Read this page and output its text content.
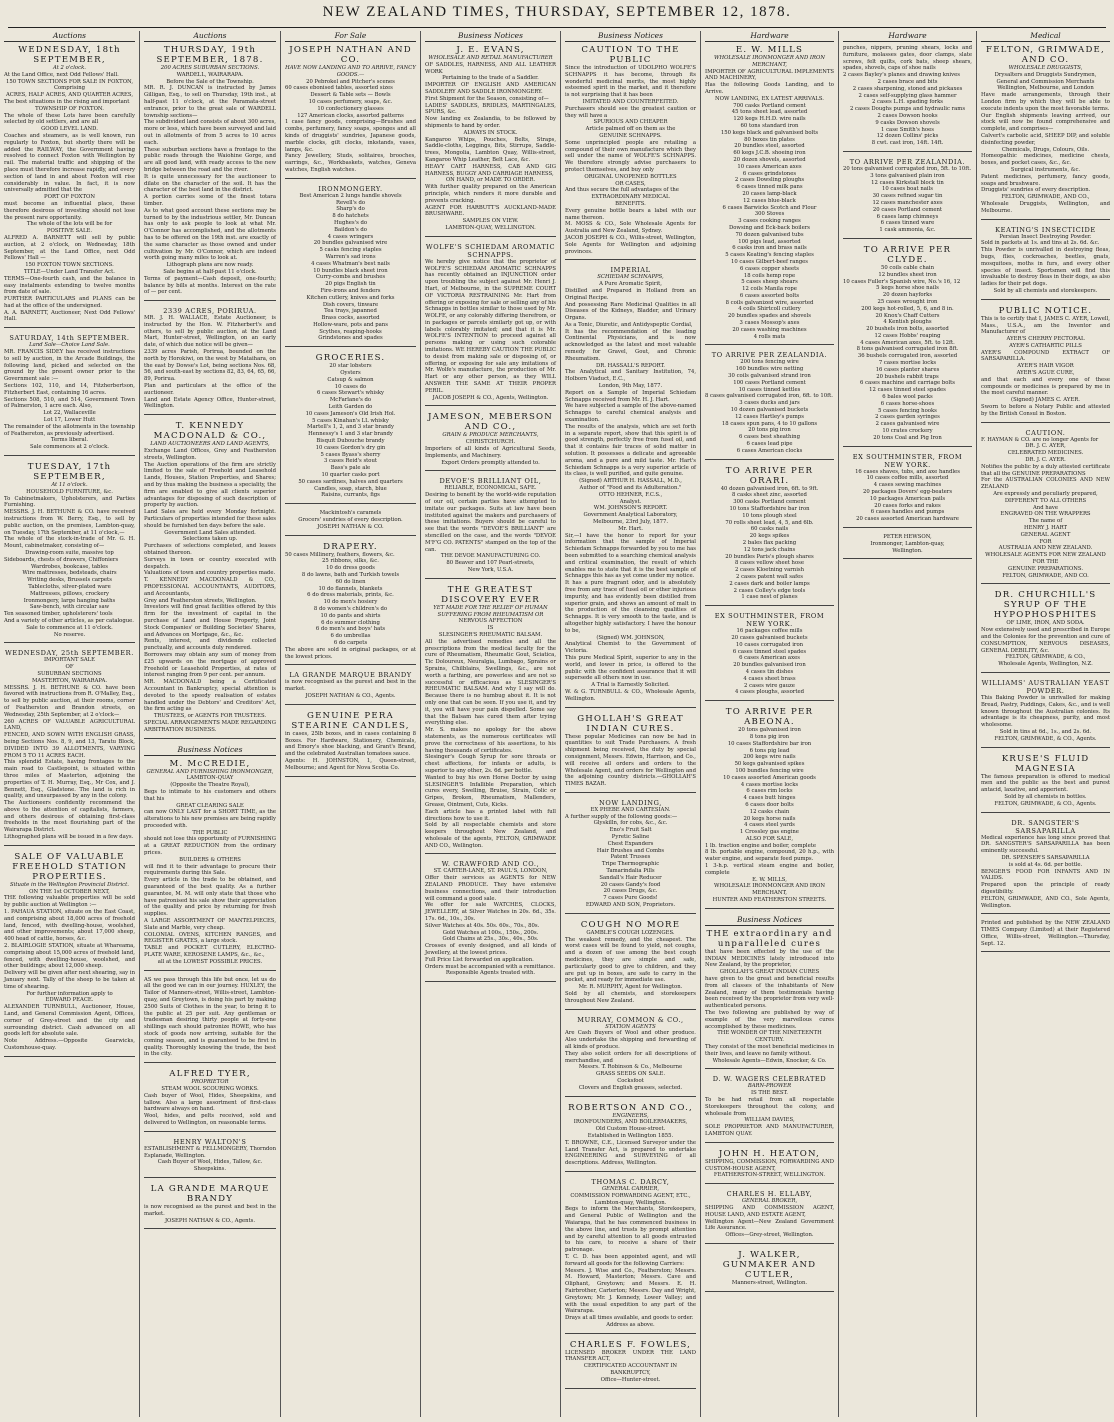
NEW ZEALAND TIMES, THURSDAY, SEPTEMBER 12, 1878.
Auctions
WEDNESDAY, 18th SEPTEMBER,
At 2 o'clock.
At the Land Office, next Odd Fellows' Hall.
150 TOWN SECTIONS FOR SALE IN FOXTON,
Comprising
ACRES, HALF ACRES, AND QUARTER ACRES,
The best situations in the rising and important
TOWNSHIP OF FOXTON.
The whole of these Lots have been carefully selected by old settlers, and are all
GOOD LEVEL LAND.
Coaches and steamers, as is well known, run regularly to Foxton, but shortly there will be added the RAILWAY, the Government having resolved to connect Foxton with Wellington by rail. The material traffic and shipping of the place must therefore increase rapidly, and every section of land in and about Foxton will rise considerably in value. In fact, it is now universally admitted that the
PORT OF FOXTON
must become an influential place, these therefore desirous of investing should not lose the present rare opportunity.
The whole of the lots will be for
POSITIVE SALE.
ALFRED A. BARNETT will sell by public auction, at 2 o'clock, on Wednesday, 18th September, at the Land Office, next Odd Fellows' Hall —
150 FOXTON TOWN SECTIONS.
TITLE—Under Land Transfer Act.
TERMS—One-fourth cash, and the balance in easy instalments extending to twelve months from date of sale.
FURTHER PARTICULARS and PLANS can be had at the office of the undersigned.
A. A. BARNETT, Auctioneer, Next Odd Fellows' Hall.
SATURDAY, 14th SEPTEMBER.
Land Sale—Choice Land Sale.
MR. FRANCIS SIDEY has received instructions to sell by auction, in the Arcade Buildings, the following land, picked and selected on the ground by the present owner prior to the Government sale :—
Sections 102, 110, and 14, Fitzherbertson, Fitzherbert East, containing 16 acres.
Sections 508, 510, and 514, Government Town of Palmerston, 1 acre each. Also,
Lot 22, Wallaceville
Lot 17, Lower Hutt
The remainder of the allotments in the township of Feathereton, as previously advertised.
Terms liberal.
Sale commences at 2 o'clock.
TUESDAY, 17th SEPTEMBER,
At 11 o'clock.
HOUSEHOLD FURNITURE, &c.
To Cabinetmakers, Upholsterers, and Parties Furnishing.
MESSRS. J. H. BETHUNE & CO. have received instructions from W. Berry, Esq., to sell by public auction, on the premises, Lambton-quay, on Tuesday, 17th September, at 11 o'clock,—
The whole of the stock-in-trade of Mr. G. H. Mount, cabinetmaker, consisting of—
Drawing-room suite, massive top
Sideboards, chests of drawers, Chiffoniers
Wardrobes, bookcase, tables
Wire mattresses, bedsteads, chairs
Writing desks, Brussels carpets
Tablecloths, silver-plated ware
Mattresses, pillows, crockery
Ironmongery, large hanging baths
Saw-bench, with circular saw
Ten seasoned timber, upholsterers' tools
And a variety of other articles, as per catalogue.
Sale to commence at 11 o'clock.
No reserve.
WEDNESDAY, 25th SEPTEMBER.
IMPORTANT SALE
OF
SUBURBAN SECTIONS
MASTERTON, WAIRARAPA.
MESSRS. J. H. BETHUNE & CO. have been favored with instructions from R. O'Malley, Esq., to sell by public auction, at their rooms, corner of Featherston and Brandon streets, on Wednesday, 25th September, at 2 o'clock—
260 ACRES OF VALUABLE AGRICULTURAL LAND,
FENCED, AND SOWN WITH ENGLISH GRASS, being Sections Nos. 8, 9, and 13, Taratu Block, DIVIDED INTO 39 ALLOTMENTS, VARYING FROM 5 TO 11 ACRES EACH.
This splendid Estate, having frontages to the main road to Castlepoint, is situated within three miles of Masterton, adjoining the properties of T. H. Murray, Esq., Mr Cox, and J. Bennett, Esq., Gladstone. The land is rich in quality, and unsurpassed by any in the colony.
The Auctioneers confidently recommend the above to the attention of capitalists, farmers, and others desirous of obtaining first-class freeholds in the most flourishing part of the Wairarapa District.
Lithographed plans will be issued in a few days.
SALE OF VALUABLE FREEHOLD STATION PROPERTIES.
Situate in the Wellington Provincial District.
ON THE 1st OCTOBER NEXT,
THE following valuable properties will be sold by public auction at Wellington :—
1. PAHAUA STATION, situate on the East Coast, and comprising about 18,000 acres of freehold land, fenced, with dwelling-house, woolshed, and other improvements; about 17,000 sheep, 400 head of cattle, horses, &c.
2. BLAIRLOGIE STATION, situate at Whareama, comprising about 15,000 acres of freehold land, fenced, with dwelling-house, woolshed, and other buildings; about 12,000 sheep.
Delivery will be given after next shearing, say in January next. Tally of the sheep to be taken at time of shearing.
For further information apply to
EDWARD PEACE.
ALEXANDER TURNBULL, Auctioneer, House, Land, and General Commission Agent, Offices, corner of Grey-street and the city and surrounding district. Cash advanced on all goods left for absolute sale.
Note Address.—Opposite Gearwicks, Customhouse-quay.
Auctions
THURSDAY, 19th SEPTEMBER, 1878.
200 ACRES SUBURBAN SECTIONS.
WARDELL, WAIRARAPA.
Before the Sale of the Township.
MR. R. J. DUNCAN is instructed by James Gilligan, Esq., to sell on Thursday, 19th inst., at half-past 11 o'clock, at the Paramata-street entrance, prior to the great sale of WARDELL township sections—
The subdivided land consists of about 300 acres, more or less, which have been surveyed and laid out in allotments of from 5 acres to 10 acres each.
These suburban sections have a frontage to the public roads through the Waiohine Gorge, and are all good land, with ready access to the new bridge between the road and the river.
It is quite unnecessary for the auctioneer to dilate on the character of the soil. It has the character of the best land in the district.
A portion carries some of the finest totara timber.
As to what good account these sections may be turned to by the industrious settler, Mr. Duncan has only to ask people to look at what Mr. O'Connor has accomplished, and the allotments has to be offered on the 19th inst. are exactly of the same character as those owned and under cultivation by Mr. O'Connor, which are indeed worth going many miles to look at.
Lithograph plans are now ready.
Sale begins at half-past 11 o'clock.
Terms of payment—Cash deposit, one-fourth; balance by bills at months. Interest on the rate of — per cent.
2339 ACRES, PORIRUA.
MR. J. H. WALLACE, Estate Auctioneer, is instructed by the Hon. W. Fitzherbert's and others, to sell by public auction, at the Land Mart, Hunter-street, Wellington, on an early date, of which due notice will be given—
2339 acres Parish, Porirua, bounded on the north by Horokiwi, on the west by Mataihara, on the east by Dowse's Lot, being sections Nos. 68, 56, and south-east by sections 82, 83, 64, 65, 66, 89, Porirua.
Plan and particulars at the office of the auctioneer.
Land and Estate Agency Office, Hunter-street, Wellington.
T. KENNEDY MACDONALD & CO.,
LAND AUCTIONEERS AND LAND AGENTS,
Exchange Land Offices, Grey and Featherston streets, Wellington.
The Auction operations of the firm are strictly limited to the sale of Freehold and Leasehold Lands, Houses, Station Properties, and Shares; and by thus making the business a speciality, the firm are enabled to give all clients superior advantages for disposing of such description of property by auction.
Land Sales are held every Monday fortnight. Particulars of properties intended for these sales should be furnished ten days before the sale.
Government Land Sales attended.
Selections taken up.
Purchases of selections completed, and leases obtained thereon.
Surveys in town or country executed with despatch.
Valuations of town and country properties made.
T. KENNEDY MACDONALD & CO., PROFESSIONAL ACCOUNTANTS, AUDITORS, and Accountants,
Grey and Featherston streets, Wellington.
Investors will find great facilities offered by this firm for the investment of capital in the purchase of Land and House Property, Joint Stock Companies' or Building Societies' Shares, and Advances on Mortgage, &c., &c.
Rents, interest, and dividends collected punctually, and accounts duly rendered.
Borrowers may obtain any sum of money from £25 upwards on the mortgage of approved Freehold or Leasehold Properties, at rates of interest ranging from 9 per cent. per annum.
MR. MACDONALD being a Certificated Accountant in Bankruptcy, special attention is devoted to the speedy realisation of estates handled under the Debtors' and Creditors' Act, the firm acting as
TRUSTEES, or AGENTS FOR TRUSTEES.
SPECIAL ARRANGEMENTS MADE REGARDING ARBITRATION BUSINESS.
Business Notices
M. McCREDIE,
GENERAL AND FURNISHING IRONMONGER,
LAMBTON-QUAY
(Opposite the Theatre Royal),
Begs to intimate to his customers and others that his
GREAT CLEARING SALE
can now ONLY LAST for a SHORT TIME, as the alterations to his new premises are being rapidly proceeded with.
THE PUBLIC
should not lose this opportunity of FURNISHING at a GREAT REDUCTION from the ordinary prices.
BUILDERS & OTHERS
will find it to their advantage to procure their requirements during this Sale.
Every article in the trade to be obtained, and guaranteed of the best quality. As a further guarantee, M. M. will only state that those who have patronised his sale show their appreciation of the quality and price by returning for fresh supplies.
A LARGE ASSORTMENT OF MANTELPIECES, Slate and Marble, very cheap.
COLONIAL OVENS, KITCHEN RANGES, and REGISTER GRATES, a large stock.
TABLE and POCKET CUTLERY, ELECTRO-PLATE WARE, KEROSENE LAMPS, &c., &c.,
all at the LOWEST POSSIBLE PRICES.
AS we pass through this life but once, let us do all the good we can in our journey. HUXLEY, the Tailor of Manners-street, Willis-street, Lambton-quay, and Greytown, is doing his part by making 2500 Suits of Clothes in the year, to bring it to the public at 25 per suit. Any gentleman or tradesman desiring thirty people at forty-one shillings each should patronize ROWE, who has stock of goods now arriving, suitable for the coming season, and is guaranteed to be first in quality. Thoroughly knowing the trade, the best in the city.
ALFRED TYER,
PROPRIETOR
STEAM WOOL SCOURING WORKS.
Cash buyer of Wool, Hides, Sheepskins, and tallow. Also a large assortment of first-class hardware always on hand.
Wool, hides, and pelts received, sold and delivered to Wellington, on reasonable terms.
HENRY WALTON'S
ESTABLISHMENT & FELLMONGERY, Thorndon Esplanade, Wellington.
Cash Buyer of Wool, Hides, Tallow, &c.
Sheepskins.
LA GRANDE MARQUE BRANDY
is now recognised as the purest and best in the market.
JOSEPH NATHAN & CO., Agents.
For Sale
JOSEPH NATHAN AND CO.
HAVE NOW LANDING AND TO ARRIVE, FANCY GOODS.—
20 Pebrokel and Pitcher's scenes
60 cases ebonised tables, assorted sizes
Dessert & Table sets — Bowls
10 cases perfumery, soaps, &c.
10 confectionery glasses
127 American clocks, assorted patterns
1 case fancy goods, comprising—Brushes and combs, perfumery, fancy soaps, sponges and all kinds of druggists' sundries, Japanese goods, marble clocks, gilt clocks, inkstands, vases, lamps, &c.
Fancy Jewellery, Studs, solitaires, brooches, earrings, &c., Workbaskets, watches, Geneva watches, English watches.
IRONMONGERY.
Best American 2 lungs handle shovels
Revell's do
Sharp's do
8 do hatchets
Hughes's do
Baildon's do
4 cases wringers
20 bundles galvanised wire
5 casks fencing staples
Warren's sad irons
4 cases Whatman's best nails
10 bundles black sheet iron
Curry-combs and brushes
20 pigs English tin
Fire-irons and fenders
Kitchen cutlery, knives and forks
Dish covers, tinware
Tea trays, japanned
Brass cocks, assorted
Hollow-ware, pots and pans
Scythes, reaping-hooks
Grindstones and spades
GROCERIES.
20 star lobsters
Oysters
Catsup & salmon
10 cases do
6 cases Stewart's whisky
McFarlane's do
Leith Garden do
10 cases Jameson's Old Irish Hol.
5 cases Kinahan's LL whisky
Martell's 1, 2, and 3 star brandy
Hennessy's 1 and 3 star brandy
Bisquit Dubouche brandy
10 cases Gordon's dry gin
5 cases Byass's sherry
3 cases Reid's stout
Bass's pale ale
10 quarter casks port
50 cases sardines, halves and quarters
Candles, soap, starch, blue
Raisins, currants, figs
Mackintosh's caramels
Grocers' sundries of every description.
JOSEPH NATHAN & CO.
DRAPERY.
50 cases Millinery, feathers, flowers, &c.
25 ribbons, silks, &c.
10 do dress goods
8 do lawns, bath and Turkish towels
60 do linen
10 do flannels, blankets
6 do dress materials, prints, &c.
10 do men's hosiery
8 do women's children's do
10 do pants and shirts
6 do summer clothing
6 do men's and boys' hats
6 do umbrellas
6 do carpets
The above are sold in original packages, or at the lowest prices.
LA GRANDE MARQUE BRANDY
is now recognised as the purest and best in the market.
JOSEPH NATHAN & CO., Agents.
GENUINE PERA STEARINE CANDLES,
in cases, 25lb boxes, and in cases containing 8 Boxes. For Hardware, Stationery, Chemicals, and Emory's shoe blacking, and Grant's Brand, and the celebrated Australian tomatoes sauce.
Agents: H. JOHNSTON, 1, Queen-street, Melbourne; and Agent for Nova Scotia Co.
Business Notices
J. E. EVANS,
WHOLESALE AND RETAIL MANUFACTURER
OF SADDLES, HARNESS, AND ALL LEATHER WORK
Pertaining to the trade of a Saddler.
IMPORTER OF ENGLISH AND AMERICAN SADDLERY AND SADDLE IRONMONGERY.
First Shipment for the Season, consisting of—
LADIES' SADDLES, BRIDLES, MARTINGALES, SPURS, &c.
Now landing ex Zealandia, to be followed by shipments to hand by order.
ALWAYS IN STOCK.
Kangaroo Whips, Pouches, Belts, Straps, Saddle-cloths, Leggings, Bits, Stirrups, Saddle-trees, Mongolia, Lambton Quay, Willis-street, Kangaroo Whip Leather, Belt Lace, &c.
HEAVY CART HARNESS, CAB AND GIG HARNESS, BUGGY AND CARRIAGE HARNESS,
ON HAND, or MADE TO ORDER.
With further quality prepared on the American principle, which renders it more durable and prevents cracking.
AGENT FOR HARBUTT'S AUCKLAND-MADE BRUSHWARE.
SAMPLES ON VIEW.
LAMBTON-QUAY, WELLINGTON.
WOLFE'S SCHIEDAM AROMATIC SCHNAPPS.
We hereby give notice that the proprietor of WOLFE'S SCHIEDAM AROMATIC SCHNAPPS has recently obtained an INJUNCTION order upon troubling the subject against Mr. Henri J. Hart, of Melbourne, in the SUPREME COURT OF VICTORIA RESTRAINING Mr. Hart from offering or exposing for sale or selling any of his Schnapps in bottles similar to those used by Mr. WOLFE, or any colorably differing therefrom, or in packages or parcels similarly got up, or with labels colorably imitated; and that it is Mr. WOLFE'S INTENTION to proceed against all persons making or using such colorable imitations. WE HEREBY CAUTION THE PUBLIC to desist from making sale or disposing of, or offering, or exposing for sale any imitations of Mr. Wolfe's manufacture, the production of Mr. Hart or any other person, as they WILL ANSWER THE SAME AT THEIR PROPER PERIL.
JACOB JOSEPH & CO., Agents, Wellington.
JAMESON, MEBERSON AND CO.,
GRAIN & PRODUCE MERCHANTS,
CHRISTCHURCH.
Importers of all kinds of Agricultural Seeds, Implements, and Machinery.
Export Orders promptly attended to.
DEVOE'S BRILLIANT OIL,
RELIABLE, ECONOMICAL, SAFE.
Desiring to benefit by the world-wide reputation of our oil, certain parties have attempted to imitate our packages. Suits at law have been instituted against the makers and purchasers of these imitations. Buyers should be careful to see that the words "DEVOE'S BRILLIANT" are stencilled on the case, and the words "DEVOE M'F'G CO. PATENTS" stamped on the top of the can.
THE DEVOE MANUFACTURING CO.
80 Beaver and 107 Pearl-streets,
New York, U.S.A.
THE GREATEST DISCOVERY EVER
YET MADE FOR THE RELIEF OF HUMAN SUFFERING FROM RHEUMATISM OR
NERVOUS AFFECTION
IS
SLESINGER'S RHEUMATIC BALSAM.
All the advertised remedies and all the prescriptions from the medical faculty for the cure of Rheumatism, Rheumatic Gout, Sciatica, Tic Doloureux, Neuralgia, Lumbago, Sprains or Sprains, Chilblains, Swellings, &c., are not worth a farthing, are powerless and are not so successful or efficacious as SLESINGER'S RHEUMATIC BALSAM. And why I say will do. Because there is no humbug about it. It is not only one that can be seen. If you use it, and try it, you will have your pain dispelled. Some say that the Balsam has cured them after trying everything else.
Mr. S. makes no apology for the above statements, as the numerous certificates will prove the correctness of his assertions, to his having thousands of certificates.
Slesinger's Cough Syrup for sore throats or chest affections, for infants or adults, is superior to any other, 2s. 6d. per bottle.
Wanted to buy his own Horse Doctor by using SLESINGER'S Infallible Preparation, which cures every, Swelling, Bruise, Strain, Colic or Gripes, Broken, Rheumatism, Mallenders, Grease, Ointment, Cuts, Kicks.
Each article has a printed label with full directions how to use it.
Sold by all respectable chemists and store keepers throughout New Zealand, and wholesale of the agents, FELTON, GRIMWADE AND CO., Wellington.
W. CRAWFORD AND CO.,
ST. CARTER-LANE, ST. PAUL'S, LONDON,
Offer their services as AGENTS for NEW ZEALAND PRODUCE. They have extensive business connections, and their introduction will command a good sale.
We offer for sale WATCHES, CLOCKS, JEWELLERY, at Silver Watches in 20s. 6d., 35s. 17s. 6d., 10s., 30s.
Silver Watches at 40s. 50s. 60s., 70s., 80s.
Gold Watches at 100s., 150s., 200s.
Gold Chains at 25s., 30s., 40s., 50s.
Crosses of evenly designed, and all kinds of Jewellery, at the lowest prices.
Full Price List forwarded on application.
Orders must be accompanied with a remittance.
Responsible Agents treated with.
Business Notices
CAUTION TO THE PUBLIC
Since the introduction of UDOLPHO WOLFE'S SCHNAPPS it has become, through its wonderful medicinal merits, the most highly esteemed spirit in the market, and it therefore is not surprising that it has been
IMITATED AND COUNTERFEITED.
Purchasers should see the greatest caution or they will have a
SPURIOUS AND CHEAPER
Article palmed off on them as the
GENUINE SCHNAPPS.
Some unprincipled people are retailing a compound of their own manufacture which they sell under the name of WOLFE'S SCHNAPPS. We therefore strongly advise purchasers to protect themselves, and buy only
ORIGINAL UNOPENED BOTTLES
OR CASES,
And thus secure the full advantages of the
EXTRAORDINARY MEDICAL
BENEFITS.
Every genuine bottle bears a label with our name thereon.
M. MOSS & CO., Sole Wholesale Agents for Australia and New Zealand, Sydney.
JACOB JOSEPH & CO., Willis-street, Wellington, Sole Agents for Wellington and adjoining provinces.
IMPERIAL
SCHIEDAM SCHNAPPS,
A Pure Aromatic Spirit,
Distilled and Prepared in Holland from an Original Recipe.
And possessing Rare Medicinal Qualities in all Diseases of the Kidneys, Bladder, and Urinary Organs.
As a Tonic, Diuretic, and Antidyspeptic Cordial,
It has the recommendation of the leading Continental Physicians, and is now acknowledged as the latest and most valuable remedy for Gravel, Gout, and Chronic Rheumatism.
DR. HASSALL'S REPORT.
The Analytical and Sanitary Institution, 74, Holborn Viaduct, E.C.,
London, 9th May, 1877.
Report on a Sample of Imperial Schiedam Schnapps received from Mr. H. J. Hart.
We have subjected a sample of the above-named Schnapps to careful chemical analysis and examination.
The results of the analysis, which are set forth in a separate report, show that this spirit is of good strength, perfectly free from fusel oil, and that it contains fair traces of solid matter in solution. It possesses a delicate and agreeable aroma, and a pure and mild taste. Mr. Hart's Schiedam Schnapps is a very superior article of its class, is well purified, and quite genuine.
(Signed) ARTHUR H. HASSALL, M.D.,
Author of "Food and its Adulteration."
OTTO HEHNER, F.C.S.,
Analyst.
WM. JOHNSON'S REPORT.
Government Analytical Laboratory,
Melbourne, 23rd July, 1877.
Mr. Hart.
Sir,—I have the honor to report for your information that the sample of Imperial Schiedam Schnapps forwarded by you to me has been submitted to a searching chemical analysis and critical examination, the result of which enables me to state that it is the best sample of Schnapps this has as yet come under my notice.
It has a pure fragrant odor, and is absolutely free from any trace of fusel oil or other injurious impurity, and has evidently been distilled from superior grain, and shows an amount of malt in the production of the cleansing qualities of Schnapps. It is very smooth to the taste, and is altogether highly satisfactory. I have the honour to be,
(Signed) WM. JOHNSON,
Analytical Chemist to the Government of Victoria.
This pure Medical Spirit, superior to any in the world, and lower in price, is offered to the public with the confident assurance that it will supersede all others now in use.
A Trial is Earnestly Solicited.
W. & G. TURNBULL & CO., Wholesale Agents, Wellington.
GHOLLAH'S GREAT INDIAN CURES.
These popular Medicines can now be had in quantities to suit Trade Purchasers. A fresh shipment being received, the duty by special consignment, Messrs. Edwin, Harrison, and Co., will receive all orders and orders to the Wholesale Agent, and orders for Wellington and the adjoining country districts.—GHOLLAH'S TIMES BAZAR.
NOW LANDING,
EX PHEBE AND CARTESIAN.
A further supply of the following goods:—
Glyskilln, for cobs, &c., &c.
Eno's Fruit Salt
Pyretic Saline
Chest Expanders
Hair Brushes and Combs
Patent Trusses
Tripe Thermographic
Tamarindalia Pills
Sandall's Hair Reducer
20 cases Gandy's food
20 cases Drugs, &c.
7 cases Pure Goods!
EDWARD AND SON, Proprietors.
COUGH NO MORE
GAMBLE'S COUGH LOZENGES.
The weakest remedy, and the cheapest. The worst cases will be found to yield, not coughs, and a dozen of use among the best cough medicines, they are simple and safe, particularly good to give to children, and they are put up in boxes, are safe to carry in the pocket, and ready for immediate use.
Mr. R. MURPHY, Agent for Wellington.
Sold by all chemists, and storekeepers throughout New Zealand.
MURRAY, COMMON & CO.,
STATION AGENTS
Are Cash Buyers of Wool and other produce. Also undertake the shipping and forwarding of all kinds of produce.
They also solicit orders for all descriptions of merchandise, and
Messrs. T. Robinson & Co., Melbourne
GRASS SEEDS ON SALE.
Cocksfoot
Clovers and English grasses, selected.
ROBERTSON AND CO.,
ENGINEERS,
IRONFOUNDERS, AND BOILERMAKERS,
Old Custom House-street.
Established in Wellington 1855.
T. BROWNE, C.E., Licensed Surveyor under the Land Transfer Act, is prepared to undertake ENGINEERING and SURVEYING of all descriptions. Address, Wellington.
THOMAS C. DARCY,
GENERAL CARRIER,
COMMISSION FORWARDING AGENT, ETC.,
Lambton-quay, Wellington.
Begs to inform the Merchants, Storekeepers, and General Public of Wellington and the Waiarapa, that he has commenced business in the above line, and trusts by prompt attention and by careful attention to all goods entrusted to his care, to receive a share of their patronage.
T. C. D. has been appointed agent, and will forward all goods for the following Carriers:
Messrs. J. Wise and Co., Featherston; Messrs. M. Howard, Masterton; Messrs. Cave and Oliphant, Greytown; and Messrs. E. H. Fairbrother, Carterton; Messrs. Day and Wright, Greytown; Mr. J. Kennedy, Lower Valley; and with the usual expedition to any part of the Wairarapa.
Drays at all times available, and goods to order.
Address as above.
CHARLES F. FOWLES,
LICENSED BROKER UNDER THE LAND TRANSFER ACT,
CERTIFICATED ACCOUNTANT IN BANKRUPTCY,
Office—Hunter-street.
Hardware
E. W. MILLS
WHOLESALE IRONMONGER AND IRON MERCHANT,
IMPORTER OF AGRICULTURAL IMPLEMENTS AND MACHINERY,
Has the following Goods Landing, and to Arrive.
NOW LANDING, EX LATEST ARRIVALS.
700 casks Portland cement
45 tons sheet lead, assorted
120 kegs H.H.D. wire nails
60 tons standard iron
150 kegs black and galvanised bolts
80 boxes tin plates
20 bundles steel, assorted
60 kegs J.C.B. shoeing iron
20 dozen shovels, assorted
10 cases American axes
6 cases grindstones
2 cases Dowsling ploughs
6 cases tinned milk pans
20 cases lamp-black
12 cases blue-black
6 cases Barwicks Scotch and Flour
300 Stoves
3 cases cooking ranges
Dowsing and Eck-back boilers
70 dozen galvanised tubs
100 pigs lead, assorted
6 casks iron and brass nails
5 cases Keating's fencing staples
10 cases Gilbert-beef ranges
6 cases copper sheets
18 coils hemp rope
5 cases sheep shears
12 coils Manila rope
6 cases assorted bolts
8 coils galvanized wire, assorted
4 coils Shirtcoll cutlery
20 bundles spades and shovels
3 cases Mossop's axes
20 cases washing machines
4 rolls mats
TO ARRIVE PER ZEALANDIA.
200 tons fencing wire
160 bundles wire netting
30 coils galvanised strand iron
100 cases Portland cement
10 cases tinned kettles
8 cases galvanised corrugated iron, 6ft. to 10ft.
3 cases ducks and jars
10 dozen galvanised buckets
12 cases Hartley's pumps
18 cases spun pans, 4 to 10 gallons
20 tons pig iron
6 cases best sheathing
6 cases lead pipe
6 cases American clocks
TO ARRIVE PER ORARI.
40 dozen galvanised iron, 6ft. to 9ft.
8 casks sheet zinc, assorted
300 casks Portland cement
10 tons Staffordshire bar iron
10 tons plough steel
70 rolls sheet lead, 4, 5, and 6lb.
60 casks nails
20 kegs spikes
2 bales flax packing
12 tons jack chains
20 bundles Paris's plough shares
8 cases vellow sheet hose
2 cases Kloetning varnish
2 cases patent wall safes
2 cases dark and boiler lamps
2 cases Colley's edge tools
1 case nest of planes
EX SOUTHMINSTER, FROM NEW YORK.
16 packages coffee mills
20 cases galvanised buckets
10 cases corrugated iron
6 cases tinned steel spades
6 cases American axes
20 bundles galvanised iron
4 cases tin dishes
4 cases sheet brass
2 cases wire gauze
4 cases ploughs, assorted
TO ARRIVE PER ABEONA.
20 tons galvanised iron
8 tons pig iron
10 cases Staffordshire bar iron
6 tons pig lead
200 kegs wire nails
50 kegs galvanised spikes
100 bundles fencing wire
10 cases assorted American goods
4 cases mortise locks
6 cases rim locks
4 cases butt hinges
6 cases door bolts
12 casks chain
20 kegs horse nails
4 cases steel yards
1 Crossley gas engine
ALSO FOR SALE,
1 lb. traction engine and boiler, complete
8 lb. portable engine, compound, 20 h.p., with water engine, and separate feed pumps.
1 3-h.p. vertical steam engine and boiler, complete
E. W. MILLS,
WHOLESALE IRONMONGER AND IRON MERCHANT,
HUNTER AND FEATHERSTON STREETS.
Business Notices
THE extraordinary and unparalleled cures
that have been effected by the use of the INDIAN MEDICINES lately introduced into New Zealand, by the proprietor,
GHOLLAH'S GREAT INDIAN CURES
have given to the great and beneficial results from all classes of the inhabitants of New Zealand, many of them testimonials having been received by the proprietor from very well-authenticated persons.
The two following are published by way of example of the very marvellous cures accomplished by these medicines.
THE WONDER OF THE NINETEENTH CENTURY.
They consist of the most beneficial medicines in their lives, and leave no family without.
Wholesale Agents—Edwin, Knocker, & Co.
D. W. WAGERS CELEBRATED
BARN-PROWER
IS THE BEST.
To be had retail from all respectable Storekeepers throughout the colony, and wholesale from
WILLIAM DAVIES,
SOLE PROPRIETOR AND MANUFACTURER, LAMBTON QUAY.
JOHN H. HEATON,
SHIPPING, COMMISSION, FORWARDING AND CUSTOM-HOUSE AGENT,
FEATHERSTON-STREET, WELLINGTON.
CHARLES H. ELLABY,
GENERAL BROKER,
SHIPPING AND COMMISSION AGENT, HOUSE LAND, AND ESTATE AGENT,
Wellington Agent—New Zealand Government Life Assurance.
Offices—Grey-street, Wellington.
J. WALKER, GUNMAKER AND CUTLER,
Manners-street, Wellington.
Hardware
punches, nippers, pruning shears, locks and furniture, molasses gates, door clamps, slate screws, felt quilts, cork bats, sheep shears, spades, shovels, caps of shoe nails
2 cases Bayley's planes and drawing knives
2 cases brace and bits
2 cases sharpening, stoned and pickaxes
2 cases self-supplying glass hammer
2 cases L.H. spading forks
2 cases Doughs pumps and hydraulic rams
2 cases Dowson hooks
9 casks Dowson shovels
1 case Smith's hoes
12 dozen Collins' picks
8 cwt. cast iron, 14ft. 14ft.
TO ARRIVE PER ZEALANDIA.
20 tons galvanised corrugated iron, 5ft. to 10ft.
3 tons galvanised plain iron
12 cases Kirkstall block tin
10 cases boat nails
30 cases refined sugar tin
12 cases manchester axes
20 cases Portland cement
6 cases lamp chimneys
6 cases tinned ware
1 cask ammonia, &c.
TO ARRIVE PER CLYDE.
50 coils cable chain
12 bundles sheet iron
10 cases Fuller's Spanish wire, No.'s 16, 12
5 kegs horse shoe nails
20 dozen hayforks
25 cases wrought iron
200 kegs hot-rolled, 5, 6, and 8 in.
20 Knox's Chaff Cutters
4 Kentish ploughs
20 bushels iron bolts, assorted
12 cases Hobbs' reaping
4 cases American axes, 5ft. to 12ft.
8 tons galvanised corrugated iron 8ft.
36 bushels corrugated iron, assorted
7 cases mortise locks
16 cases planter shares
20 bushels rabbit traps
6 cases machine and carriage bolts
12 cases tinned steel spades
6 bales wool packs
6 cases horse-shoes
5 cases fencing hooks
2 cases garden syringes
2 cases galvanised wire
10 crates crockery
20 tons Coal and Pig Iron
EX SOUTHMINSTER, FROM NEW YORK.
16 cases shaves, tubs, and axe handles
10 cases coffee mills, assorted
4 cases sewing machines
20 packages Dovers' egg-beaters
10 packages American pails
20 cases forks and rakes
6 cases handles and pumps
20 cases assorted American hardware
PETER HEWSON,
Ironmonger, Lambton-quay,
Wellington.
Medical
FELTON, GRIMWADE, AND CO.
WHOLESALE DRUGGISTS,
Drysalters and Druggists Sundrymen,
General and Commission Merchants
Wellington, Melbourne, and London
Have made arrangements, through their London firm by which they will be able to execute indents upon the most favorable terms.
Our English shipments leaving arrived, our stock will now be found comprehensive and complete, and comprises—
Calvert's carbolic acid, SHEEP DIP, and soluble disinfecting powder,
Chemicals, Drugs, Colours, Oils.
Homeopathic medicines, medicine chests, boxes, and pocket cases, &c., &c.
Surgical instruments, &c.
Patent medicines, perfumery, fancy goods, soaps and brushware.
Druggists' sundries of every description.
FELTON, GRIMWADE, AND CO.,
Wholesale Druggists, Wellington, and Melbourne.
KEATING'S INSECTICIDE
Persian Insect Destroying Powder.
Sold in packets at 1s. and tins at 2s. 6d. &c.
This Powder is unrivalled in destroying fleas, bugs, flies, cockroaches, beetles, gnats, mosquitoes, moths in furs, and every other species of insect. Sportsmen will find this invaluable to destroy fleas in their dogs, as also ladies for their pet dogs.
Sold by all chemists and storekeepers.
PUBLIC NOTICE.
This is to certify that I, JAMES C. AYER, Lowell, Mass., U.S.A., am the Inventor and Manufacturer of
AYER'S CHERRY PECTORAL
AYER'S CATHARTIC PILLS
AYER'S COMPOUND EXTRACT OF SARSAPARILLA.
AYER'S HAIR VIGOR
AYER'S AGUE CURE,
and that each and every one of these compounds or medicines is prepared by me in the most careful manner.
(Signed) JAMES C. AYER.
Sworn to before a Notary Public and attested by the British Consul in Boston.
CAUTION.
F. HAYMAN & CO. are no longer Agents for
DR. J. C. AYER,
CELEBRATED MEDICINES.
DR. J. C. AYER.
Notifies the public by a duly attested certificate that all the GENUINE PREPARATIONS
For the AUSTRALIAN COLONIES AND NEW ZEALAND
Are expressly and peculiarly prepared,
DIFFERENT TO ALL OTHERS
And have
ENGRAVED ON THE WRAPPERS
The name of
HENRY J. HART
GENERAL AGENT
FOR
AUSTRALIA AND NEW ZEALAND.
WHOLESALE AGENTS FOR NEW ZEALAND
FOR THE
GENUINE PREPARATIONS.
FELTON, GRIMWADE, AND CO.
DR. CHURCHILL'S SYRUP OF THE HYPOPHOSPHITES
OF LIME, IRON, AND SODA.
Now extensively used and prescribed in Europe and the Colonies for the prevention and cure of CONSUMPTION, NERVOUS DISEASES, GENERAL DEBILITY, &c.
FELTON, GRIMWADE, & CO.,
Wholesale Agents, Wellington, N.Z.
WILLIAMS' AUSTRALIAN YEAST POWDER.
This Baking Powder is unrivalled for making Bread, Pastry, Puddings, Cakes, &c., and is well known throughout the Australian colonies. Its advantage is its cheapness, purity, and most wholesome.
Sold in tins at 6d., 1s., and 2s. 6d.
FELTON, GRIMWADE, & CO., Agents.
KRUSE'S FLUID MAGNESIA
The famous preparation is offered to medical men and the public as the best and purest antacid, laxative, and apperient.
Sold by all chemists in bottles.
FELTON, GRIMWADE, & CO., Agents.
DR. SANGSTER'S SARSAPARILLA
Medical experience has long since proved that DR. SANGSTER'S SARSAPARILLA has been eminently successful.
DR. SPENSER'S SARSAPARILLA
is sold at 4s. 6d. per bottle.
BENGER'S FOOD FOR INFANTS AND IN VALIDS.
Prepared upon the principle of ready digestibility.
FELTON, GRIMWADE, AND CO., Sole Agents, Wellington.
Printed and published by the NEW ZEALAND TIMES Company (Limited) at their Registered Office, Willis-street, Wellington.—Thursday, Sept. 12.
